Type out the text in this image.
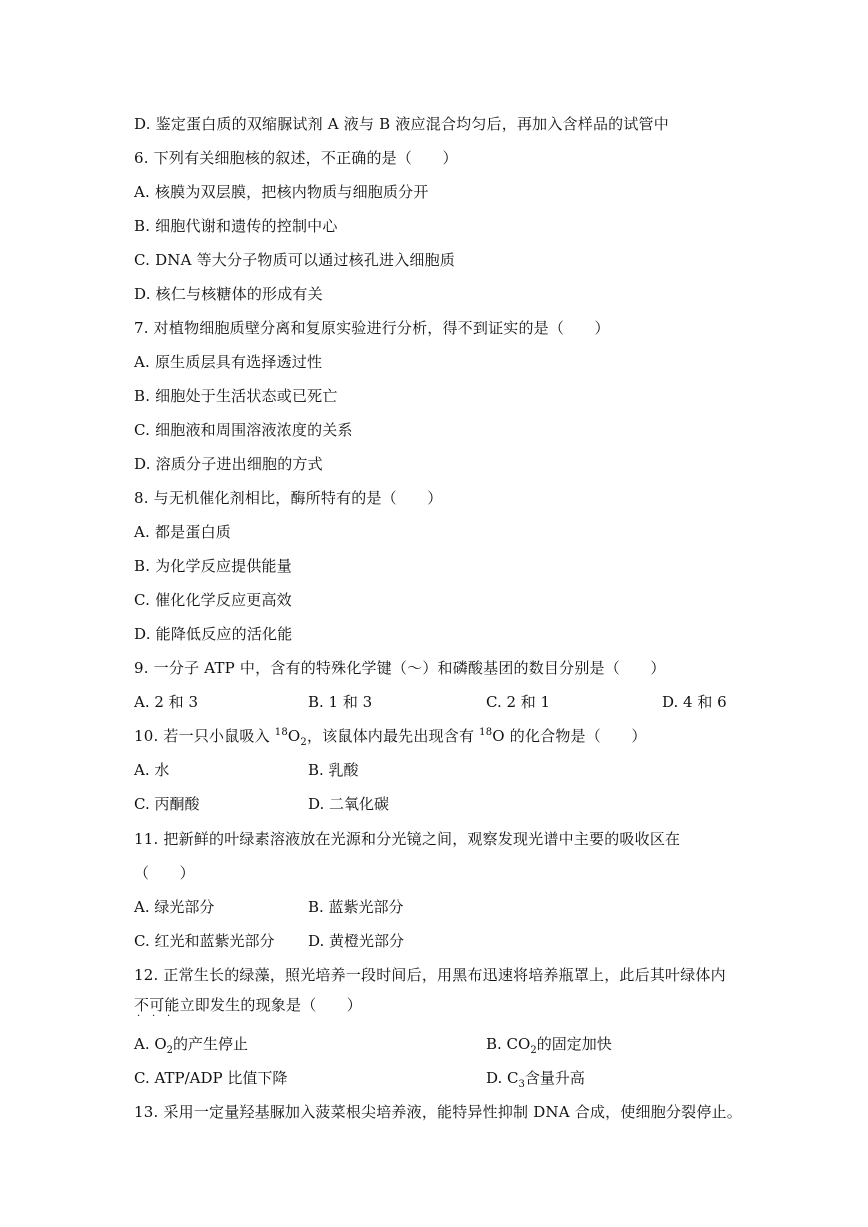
D. 鉴定蛋白质的双缩脲试剂 A 液与 B 液应混合均匀后，再加入含样品的试管中
6. 下列有关细胞核的叙述，不正确的是（　　）
A. 核膜为双层膜，把核内物质与细胞质分开
B. 细胞代谢和遗传的控制中心
C. DNA 等大分子物质可以通过核孔进入细胞质
D. 核仁与核糖体的形成有关
7. 对植物细胞质壁分离和复原实验进行分析，得不到证实的是（　　）
A. 原生质层具有选择透过性
B. 细胞处于生活状态或已死亡
C. 细胞液和周围溶液浓度的关系
D. 溶质分子进出细胞的方式
8. 与无机催化剂相比，酶所特有的是（　　）
A. 都是蛋白质
B. 为化学反应提供能量
C. 催化化学反应更高效
D. 能降低反应的活化能
9. 一分子 ATP 中，含有的特殊化学键（～）和磷酸基团的数目分别是（　　）
A. 2 和 3	B. 1 和 3	C. 2 和 1	D. 4 和 6
10. 若一只小鼠吸入 $^{18}O_2$，该鼠体内最先出现含有 $^{18}$O 的化合物是（　　）
A. 水	B. 乳酸
C. 丙酮酸	D. 二氧化碳
11. 把新鲜的叶绿素溶液放在光源和分光镜之间，观察发现光谱中主要的吸收区在
（　　）
A. 绿光部分	B. 蓝紫光部分
C. 红光和蓝紫光部分 D. 黄橙光部分
12. 正常生长的绿藻，照光培养一段时间后，用黑布迅速将培养瓶罩上，此后其叶绿体内
不可能立即发生的现象是（　　）
· · ·
A. $O_2$的产生停止	B. $CO_2$的固定加快
C. ATP/ADP 比值下降	D. $C_3$含量升高
13. 采用一定量羟基脲加入菠菜根尖培养液，能特异性抑制 DNA 合成，使细胞分裂停止。
